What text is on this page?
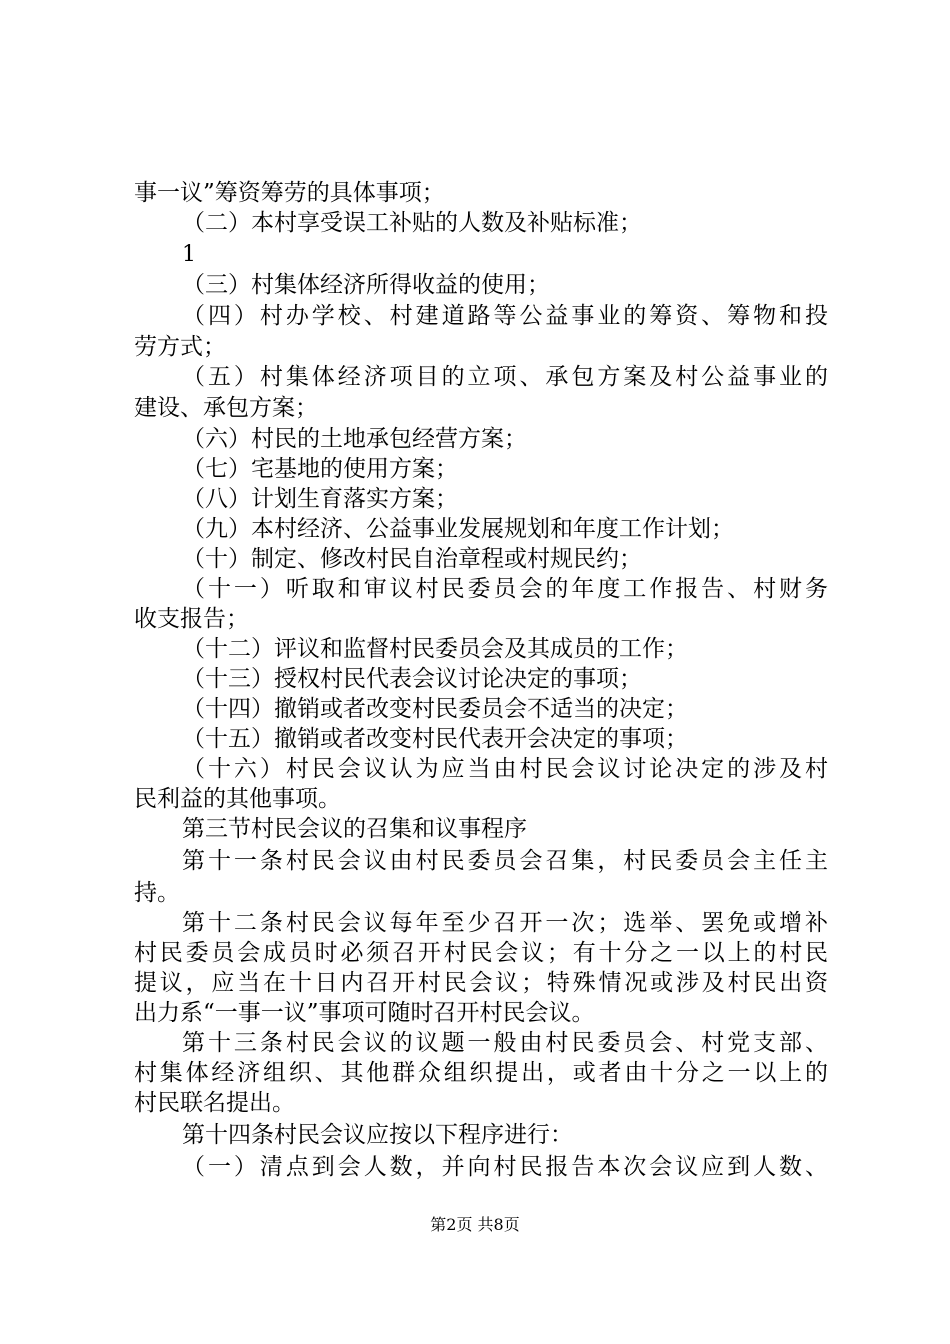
事一议”筹资筹劳的具体事项；
（二）本村享受误工补贴的人数及补贴标准；
1
（三）村集体经济所得收益的使用；
（四）村办学校、村建道路等公益事业的筹资、筹物和投
劳方式；
（五）村集体经济项目的立项、承包方案及村公益事业的
建设、承包方案；
（六）村民的土地承包经营方案；
（七）宅基地的使用方案；
（八）计划生育落实方案；
（九）本村经济、公益事业发展规划和年度工作计划；
（十）制定、修改村民自治章程或村规民约；
（十一）听取和审议村民委员会的年度工作报告、村财务
收支报告；
（十二）评议和监督村民委员会及其成员的工作；
（十三）授权村民代表会议讨论决定的事项；
（十四）撤销或者改变村民委员会不适当的决定；
（十五）撤销或者改变村民代表开会决定的事项；
（十六）村民会议认为应当由村民会议讨论决定的涉及村
民利益的其他事项。
第三节村民会议的召集和议事程序
第十一条村民会议由村民委员会召集，村民委员会主任主
持。
第十二条村民会议每年至少召开一次；选举、罢免或增补
村民委员会成员时必须召开村民会议；有十分之一以上的村民
提议，应当在十日内召开村民会议；特殊情况或涉及村民出资
出力系“一事一议”事项可随时召开村民会议。
第十三条村民会议的议题一般由村民委员会、村党支部、
村集体经济组织、其他群众组织提出，或者由十分之一以上的
村民联名提出。
第十四条村民会议应按以下程序进行：
（一）清点到会人数，并向村民报告本次会议应到人数、
第2页 共8页
